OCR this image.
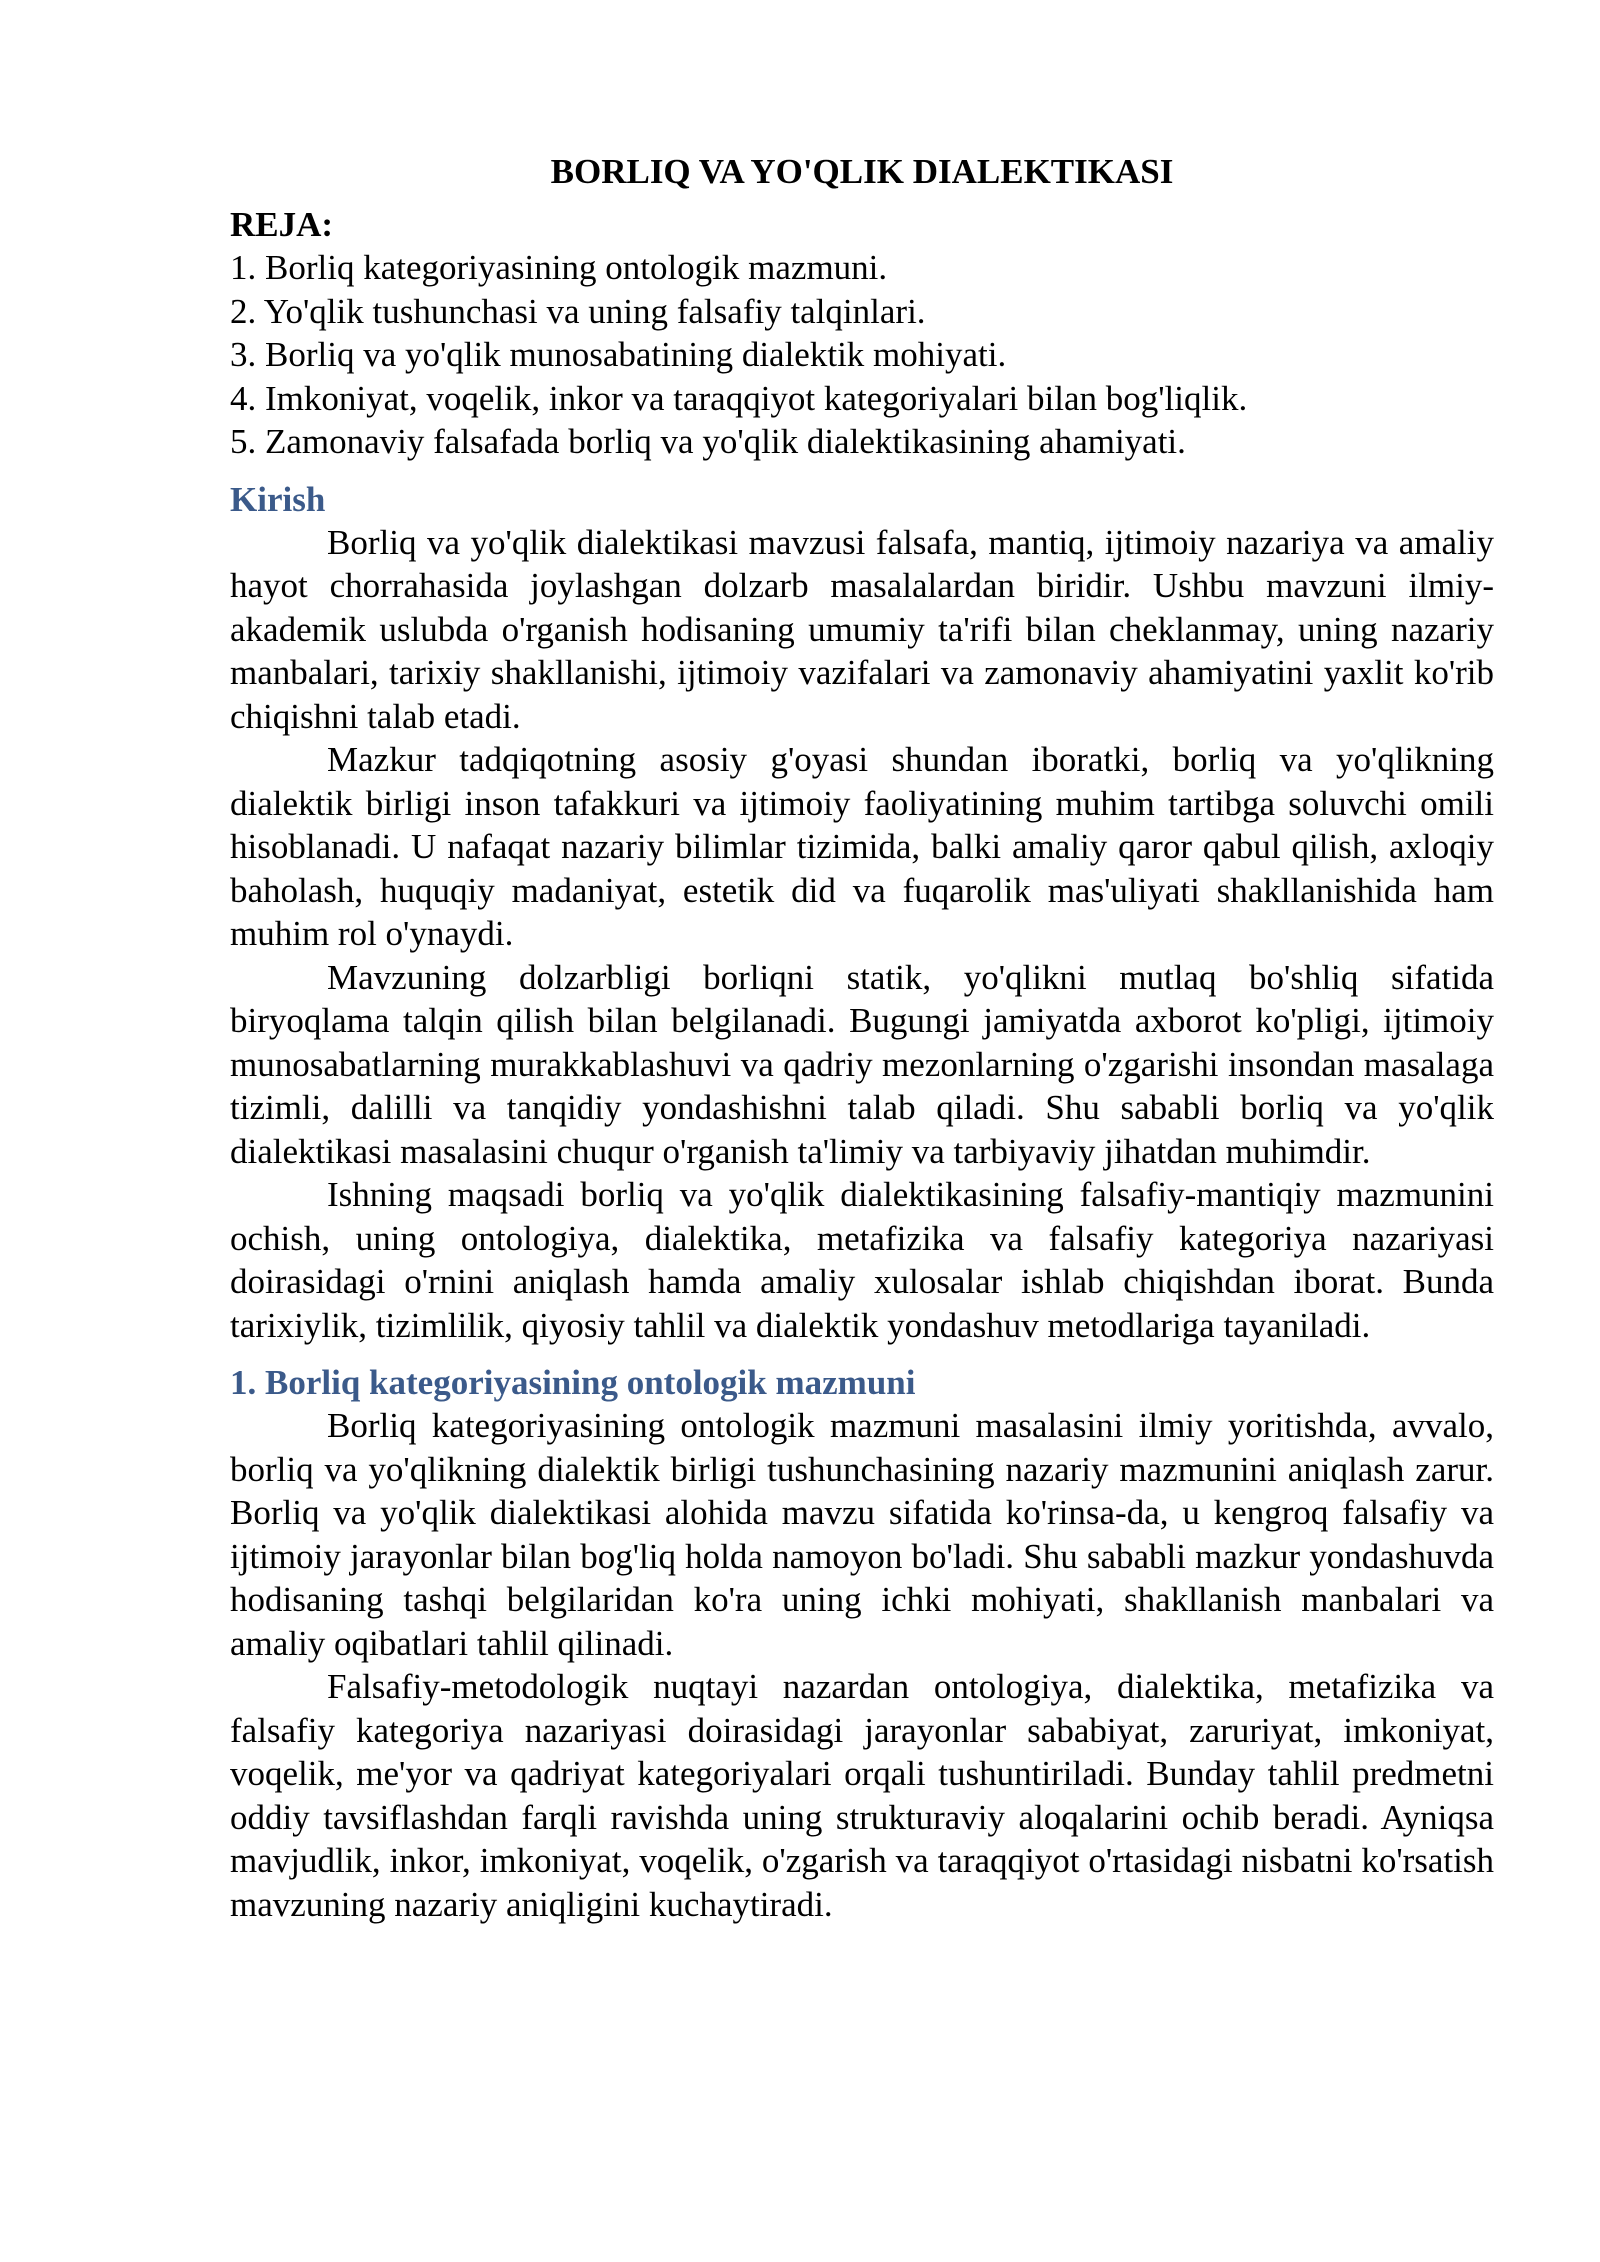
BORLIQ VA YO'QLIK DIALEKTIKASI
REJA:
1. Borliq kategoriyasining ontologik mazmuni.
2. Yo'qlik tushunchasi va uning falsafiy talqinlari.
3. Borliq va yo'qlik munosabatining dialektik mohiyati.
4. Imkoniyat, voqelik, inkor va taraqqiyot kategoriyalari bilan bog'liqlik.
5. Zamonaviy falsafada borliq va yo'qlik dialektikasining ahamiyati.
Kirish

Borliq va yo'qlik dialektikasi mavzusi falsafa, mantiq, ijtimoiy nazariya va amaliy hayot chorrahasida joylashgan dolzarb masalalardan biridir. Ushbu mavzuni ilmiy-akademik uslubda o'rganish hodisaning umumiy ta'rifi bilan cheklanmay, uning nazariy manbalari, tarixiy shakllanishi, ijtimoiy vazifalari va zamonaviy ahamiyatini yaxlit ko'rib chiqishni talab etadi.

Mazkur tadqiqotning asosiy g'oyasi shundan iboratki, borliq va yo'qlikning dialektik birligi inson tafakkuri va ijtimoiy faoliyatining muhim tartibga soluvchi omili hisoblanadi. U nafaqat nazariy bilimlar tizimida, balki amaliy qaror qabul qilish, axloqiy baholash, huquqiy madaniyat, estetik did va fuqarolik mas'uliyati shakllanishida ham muhim rol o'ynaydi.

Mavzuning dolzarbligi borliqni statik, yo'qlikni mutlaq bo'shliq sifatida biryoqlama talqin qilish bilan belgilanadi. Bugungi jamiyatda axborot ko'pligi, ijtimoiy munosabatlarning murakkablashuvi va qadriy mezonlarning o'zgarishi insondan masalaga tizimli, dalilli va tanqidiy yondashishni talab qiladi. Shu sababli borliq va yo'qlik dialektikasi masalasini chuqur o'rganish ta'limiy va tarbiyaviy jihatdan muhimdir.

Ishning maqsadi borliq va yo'qlik dialektikasining falsafiy-mantiqiy mazmunini ochish, uning ontologiya, dialektika, metafizika va falsafiy kategoriya nazariyasi doirasidagi o'rnini aniqlash hamda amaliy xulosalar ishlab chiqishdan iborat. Bunda tarixiylik, tizimlilik, qiyosiy tahlil va dialektik yondashuv metodlariga tayaniladi.

1. Borliq kategoriyasining ontologik mazmuni

Borliq kategoriyasining ontologik mazmuni masalasini ilmiy yoritishda, avvalo, borliq va yo'qlikning dialektik birligi tushunchasining nazariy mazmunini aniqlash zarur. Borliq va yo'qlik dialektikasi alohida mavzu sifatida ko'rinsa-da, u kengroq falsafiy va ijtimoiy jarayonlar bilan bog'liq holda namoyon bo'ladi. Shu sababli mazkur yondashuvda hodisaning tashqi belgilaridan ko'ra uning ichki mohiyati, shakllanish manbalari va amaliy oqibatlari tahlil qilinadi.

Falsafiy-metodologik nuqtayi nazardan ontologiya, dialektika, metafizika va falsafiy kategoriya nazariyasi doirasidagi jarayonlar sababiyat, zaruriyat, imkoniyat, voqelik, me'yor va qadriyat kategoriyalari orqali tushuntiriladi. Bunday tahlil predmetni oddiy tavsiflashdan farqli ravishda uning strukturaviy aloqalarini ochib beradi. Ayniqsa mavjudlik, inkor, imkoniyat, voqelik, o'zgarish va taraqqiyot o'rtasidagi nisbatni ko'rsatish mavzuning nazariy aniqligini kuchaytiradi.
